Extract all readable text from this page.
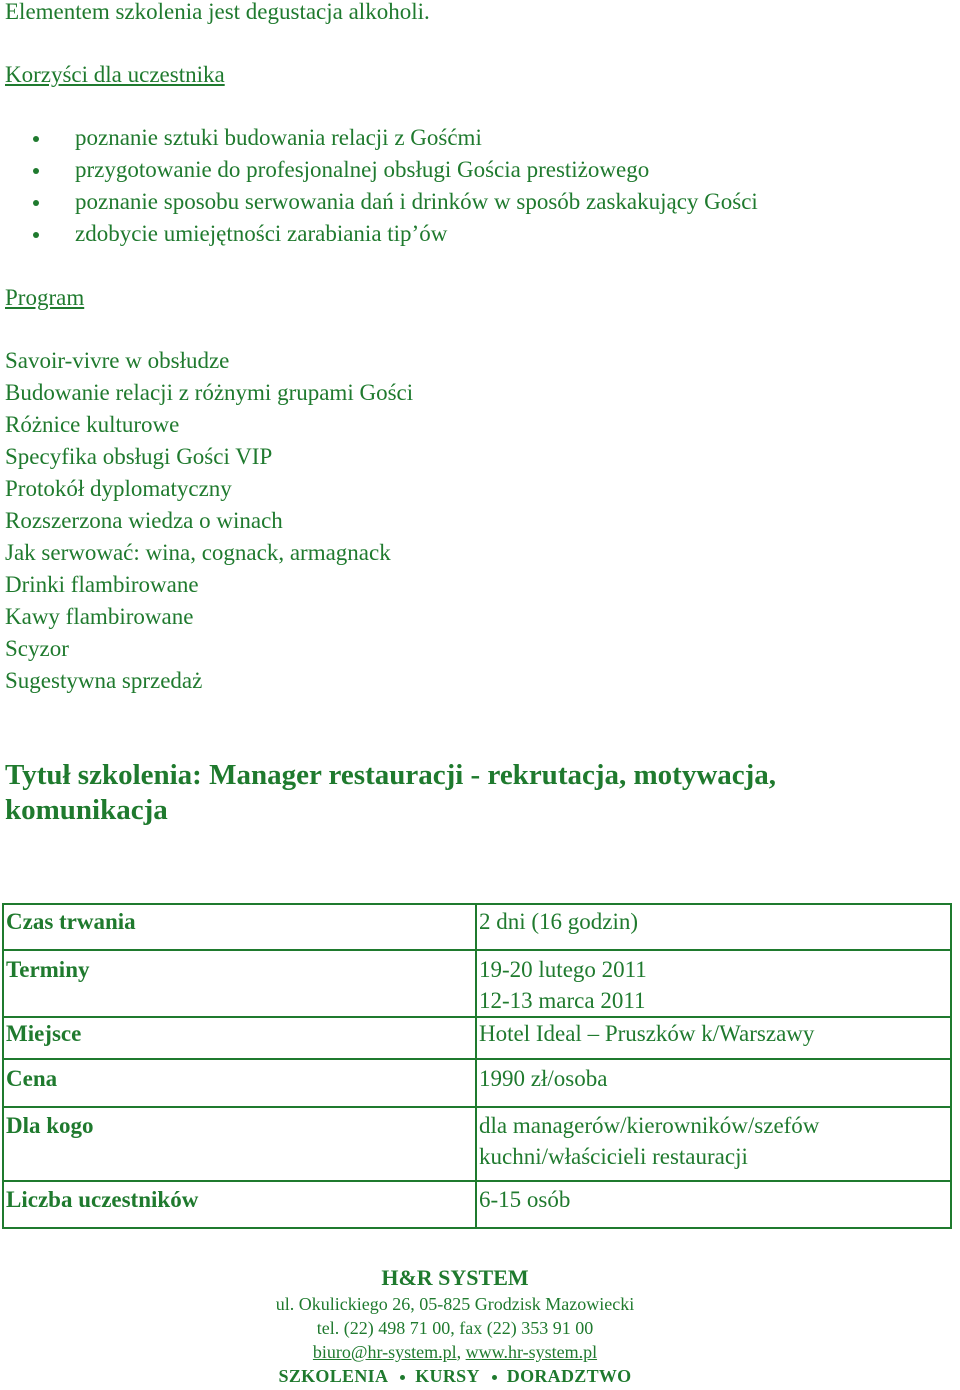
Elementem szkolenia jest degustacja alkoholi.
Korzyści dla uczestnika
poznanie sztuki budowania relacji z Gośćmi
przygotowanie do profesjonalnej obsługi Gościa prestiżowego
poznanie sposobu serwowania dań i drinków w sposób zaskakujący Gości
zdobycie umiejętności zarabiania tip’ów
Program
Savoir-vivre w obsłudze
Budowanie relacji z różnymi grupami Gości
Różnice kulturowe
Specyfika obsługi Gości VIP
Protokół dyplomatyczny
Rozszerzona wiedza o winach
Jak serwować: wina, cognack, armagnack
Drinki flambirowane
Kawy flambirowane
Scyzor
Sugestywna sprzedaż
Tytuł szkolenia: Manager restauracji - rekrutacja, motywacja, komunikacja
Czas trwania	2 dni (16 godzin)
Terminy	19-20 lutego 2011
12-13 marca 2011

Miejsce	Hotel Ideal – Pruszków k/Warszawy
Cena	1990 zł/osoba
Dla kogo	dla managerów/kierowników/szefów
kuchni/właścicieli restauracji

Liczba uczestników	6-15 osób
H&R SYSTEM
ul. Okulickiego 26, 05-825 Grodzisk Mazowiecki
tel. (22) 498 71 00, fax (22) 353 91 00
biuro@hr-system.pl, www.hr-system.pl
SZKOLENIA KURSY DORADZTWO
